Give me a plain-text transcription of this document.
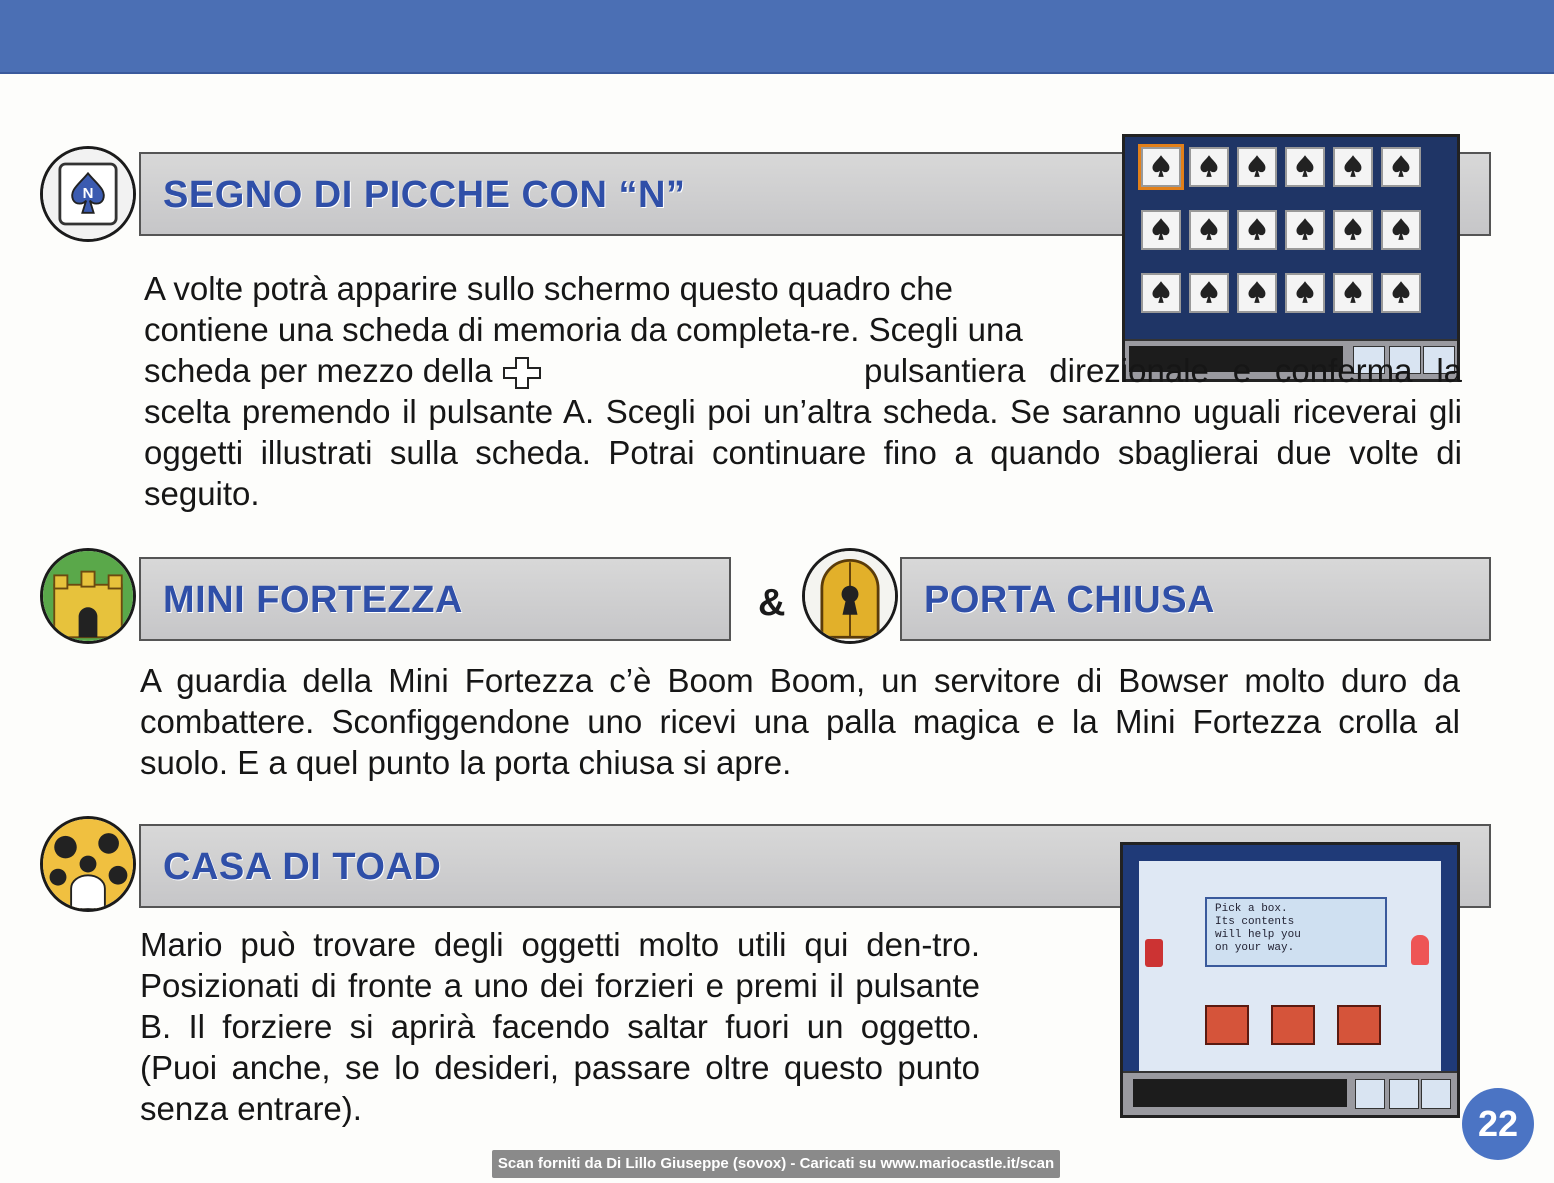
N SEGNO DI PICCHE CON “N”

A volte potrà apparire sullo schermo questo quadro che contiene una scheda di memoria da completa-re. Scegli una scheda per mezzo della	pulsantiera direzionale e conferma la scelta premendo il pulsante A. Scegli poi un’altra scheda. Se saranno uguali riceverai gli oggetti illustrati sulla scheda. Potrai continuare fino a quando sbaglierai due volte di seguito.

MINI FORTEZZA	&	PORTA CHIUSA

A guardia della Mini Fortezza c’è Boom Boom, un servitore di Bowser molto duro da combattere. Sconfiggendone uno ricevi una palla magica e la Mini Fortezza crolla al suolo. E a quel punto la porta chiusa si apre.

CASA DI TOAD
Pick a box.
Its contents
will help you
on your way.

Mario può trovare degli oggetti molto utili qui den-tro. Posizionati di fronte a uno dei forzieri e premi il pulsante B. Il forziere si aprirà facendo saltar fuori un oggetto. (Puoi anche, se lo desideri, passare oltre questo punto senza entrare).	22
Scan forniti da Di Lillo Giuseppe (sovox) - Caricati su www.mariocastle.it/scan
